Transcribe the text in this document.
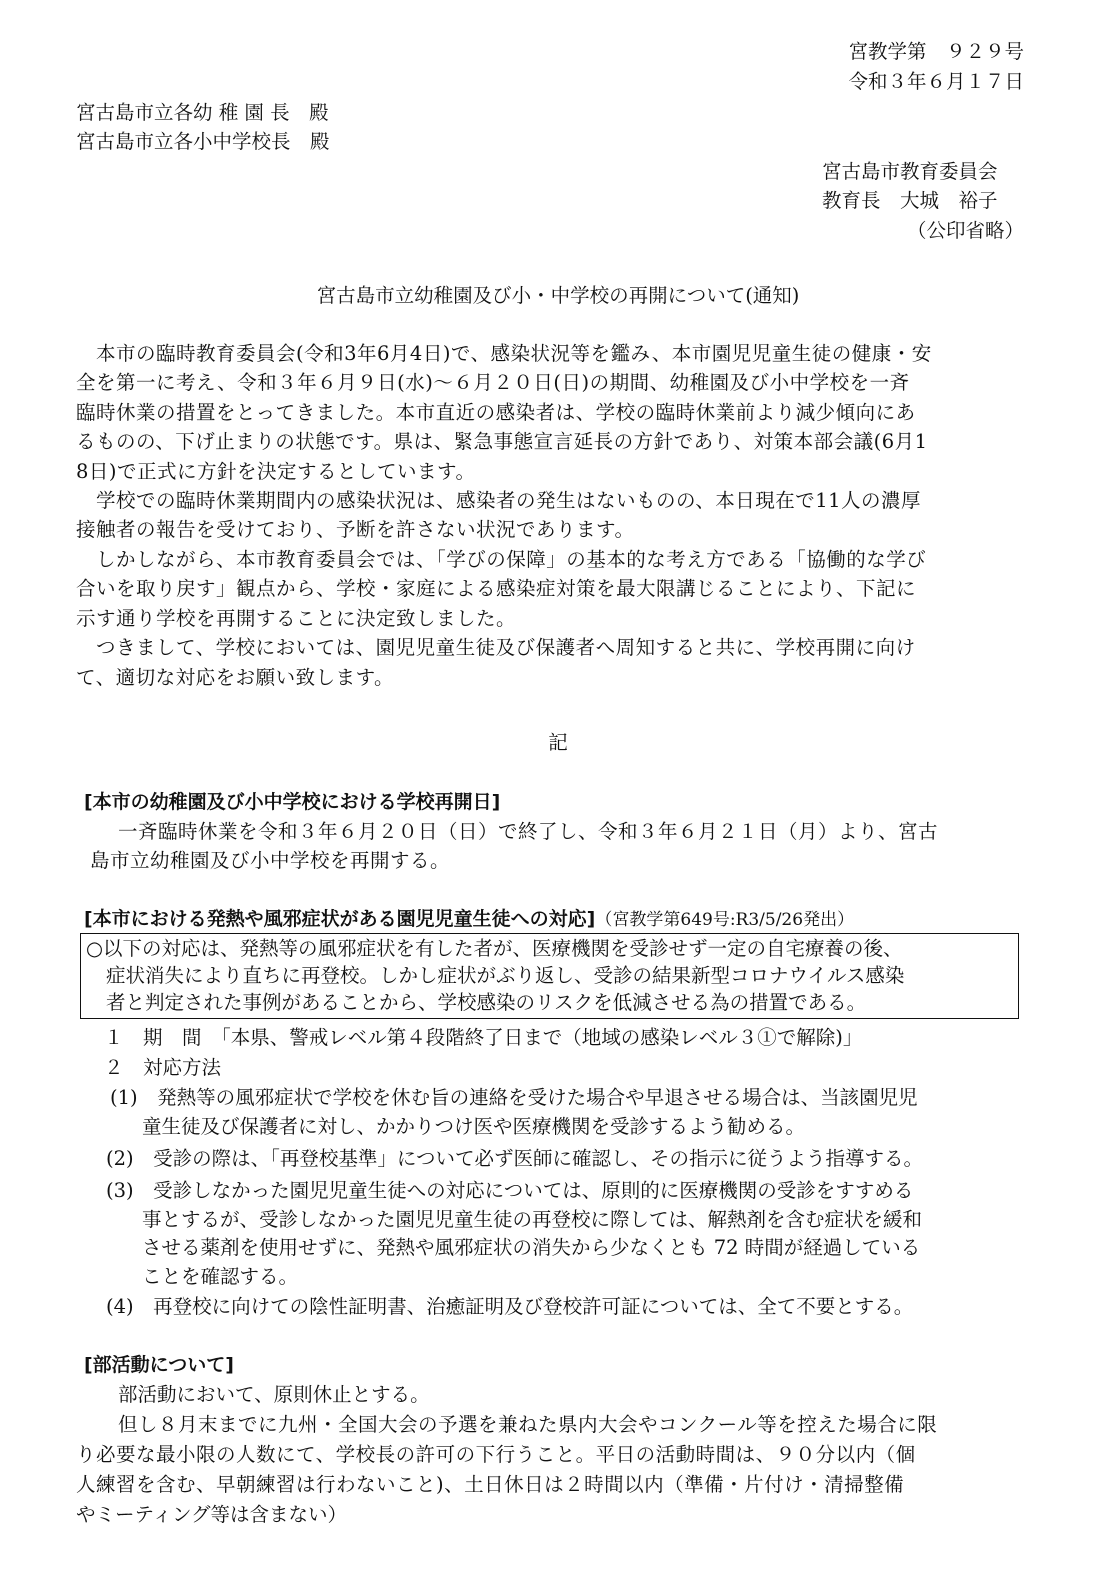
宮教学第　９２９号
令和３年６月１７日
宮古島市立各幼 稚 園 長　殿
宮古島市立各小中学校長　殿
宮古島市教育委員会
教育長　大城　裕子
（公印省略）
宮古島市立幼稚園及び小・中学校の再開について(通知)
本市の臨時教育委員会(令和3年6月4日)で、感染状況等を鑑み、本市園児児童生徒の健康・安
全を第一に考え、令和３年６月９日(水)～６月２０日(日)の期間、幼稚園及び小中学校を一斉
臨時休業の措置をとってきました。本市直近の感染者は、学校の臨時休業前より減少傾向にあ
るものの、下げ止まりの状態です。県は、緊急事態宣言延長の方針であり、対策本部会議(6月1
8日)で正式に方針を決定するとしています。
学校での臨時休業期間内の感染状況は、感染者の発生はないものの、本日現在で11人の濃厚
接触者の報告を受けており、予断を許さない状況であります。
しかしながら、本市教育委員会では、「学びの保障」の基本的な考え方である「協働的な学び
合いを取り戻す」観点から、学校・家庭による感染症対策を最大限講じることにより、下記に
示す通り学校を再開することに決定致しました。
つきまして、学校においては、園児児童生徒及び保護者へ周知すると共に、学校再開に向け
て、適切な対応をお願い致します。
記
[本市の幼稚園及び小中学校における学校再開日]
一斉臨時休業を令和３年６月２０日（日）で終了し、令和３年６月２１日（月）より、宮古
島市立幼稚園及び小中学校を再開する。
[本市における発熱や風邪症状がある園児児童生徒への対応]（宮教学第649号:R3/5/26発出）
○以下の対応は、発熱等の風邪症状を有した者が、医療機関を受診せず一定の自宅療養の後、
症状消失により直ちに再登校。しかし症状がぶり返し、受診の結果新型コロナウイルス感染
者と判定された事例があることから、学校感染のリスクを低減させる為の措置である。
１　期　間　「本県、警戒レベル第４段階終了日まで（地域の感染レベル３①で解除)」
２　対応方法
(1)　発熱等の風邪症状で学校を休む旨の連絡を受けた場合や早退させる場合は、当該園児児
童生徒及び保護者に対し、かかりつけ医や医療機関を受診するよう勧める。
(2)　受診の際は、「再登校基準」について必ず医師に確認し、その指示に従うよう指導する。
(3)　受診しなかった園児児童生徒への対応については、原則的に医療機関の受診をすすめる
事とするが、受診しなかった園児児童生徒の再登校に際しては、解熱剤を含む症状を緩和
させる薬剤を使用せずに、発熱や風邪症状の消失から少なくとも 72 時間が経過している
ことを確認する。
(4)　再登校に向けての陰性証明書、治癒証明及び登校許可証については、全て不要とする。
[部活動について]
部活動において、原則休止とする。
但し８月末までに九州・全国大会の予選を兼ねた県内大会やコンクール等を控えた場合に限
り必要な最小限の人数にて、学校長の許可の下行うこと。平日の活動時間は、９０分以内（個
人練習を含む、早朝練習は行わないこと)、土日休日は２時間以内（準備・片付け・清掃整備
やミーティング等は含まない）
